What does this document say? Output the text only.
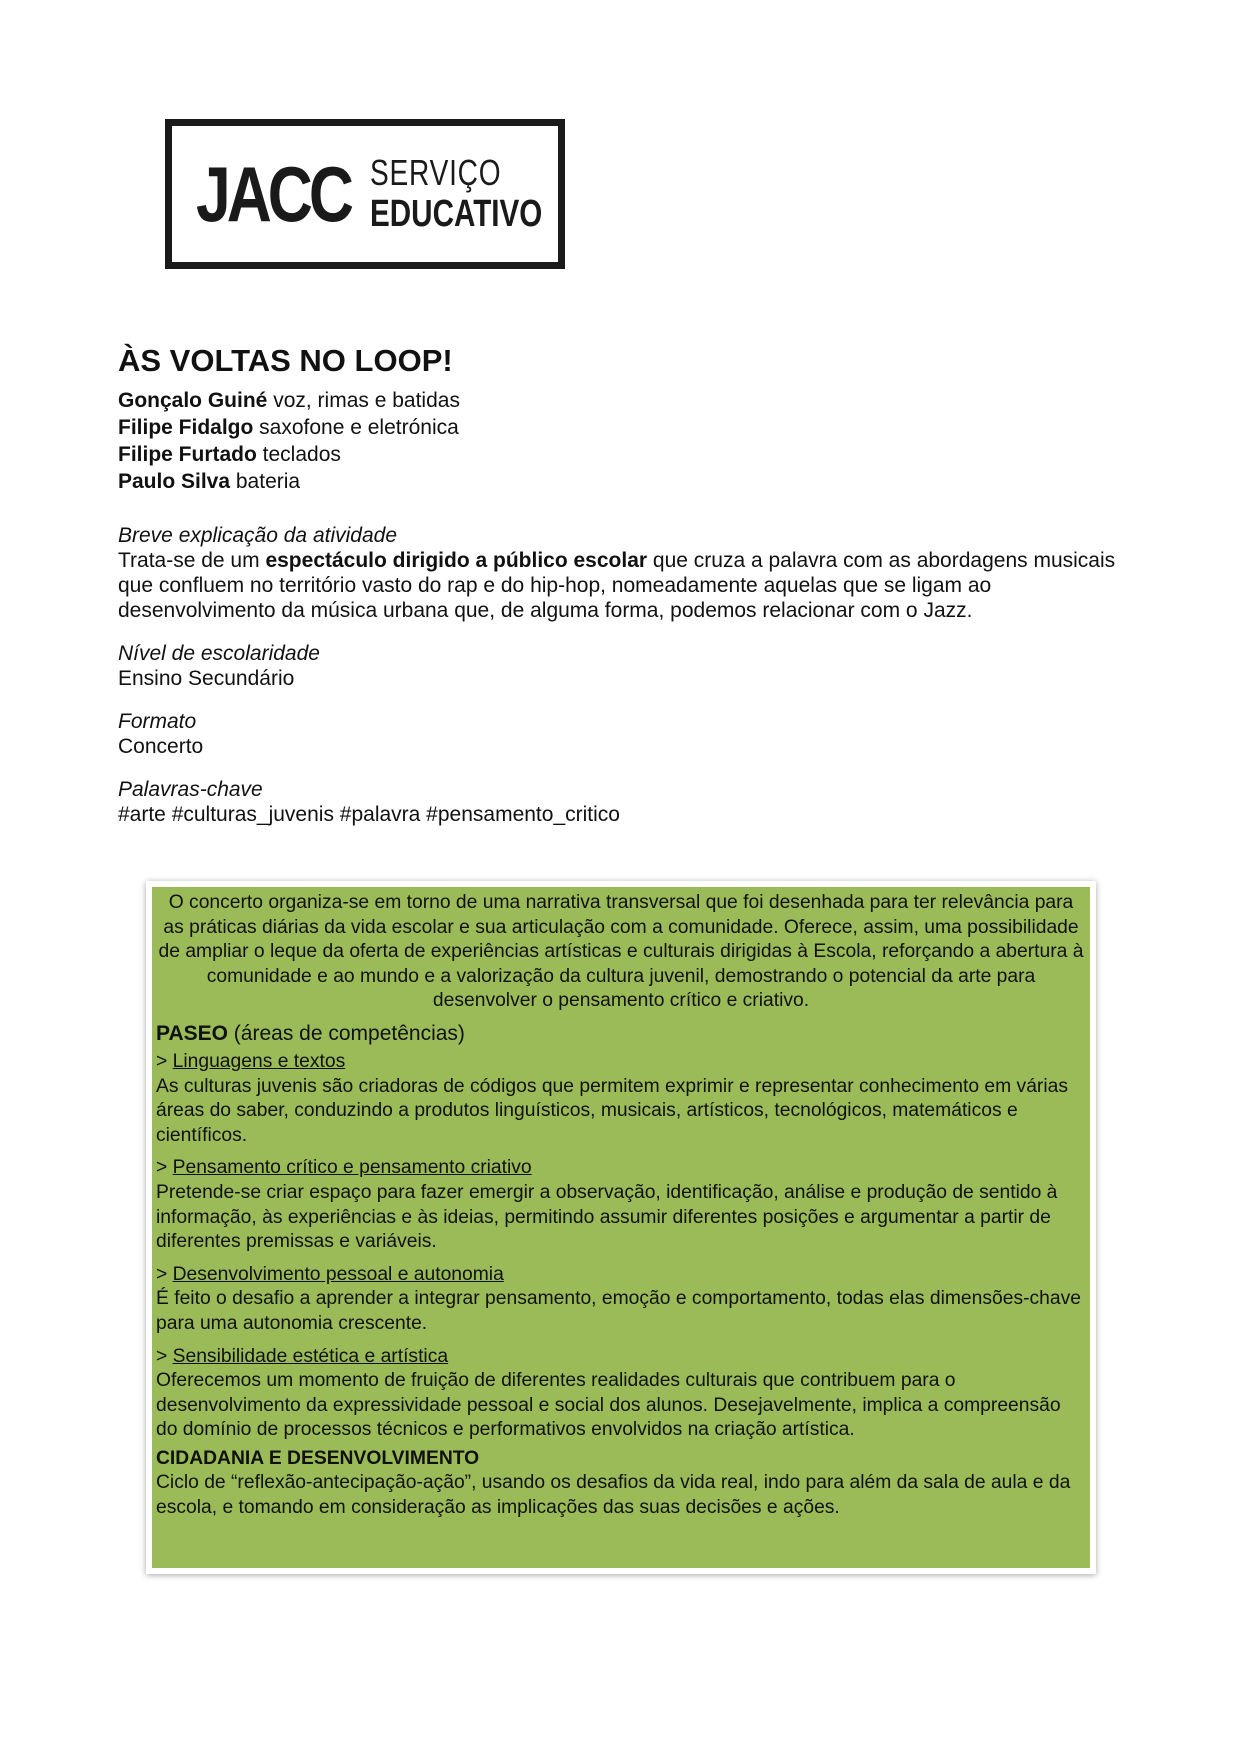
JACC SERVIÇO
EDUCATIVO
ÀS VOLTAS NO LOOP!
Gonçalo Guiné voz, rimas e batidas
Filipe Fidalgo saxofone e eletrónica
Filipe Furtado teclados
Paulo Silva bateria
Breve explicação da atividade
Trata-se de um espectáculo dirigido a público escolar que cruza a palavra com as abordagens musicais que confluem no território vasto do rap e do hip-hop, nomeadamente aquelas que se ligam ao desenvolvimento da música urbana que, de alguma forma, podemos relacionar com o Jazz.
Nível de escolaridade
Ensino Secundário
Formato
Concerto
Palavras-chave
#arte #culturas_juvenis #palavra #pensamento_critico
O concerto organiza-se em torno de uma narrativa transversal que foi desenhada para ter relevância para as práticas diárias da vida escolar e sua articulação com a comunidade. Oferece, assim, uma possibilidade de ampliar o leque da oferta de experiências artísticas e culturais dirigidas à Escola, reforçando a abertura à comunidade e ao mundo e a valorização da cultura juvenil, demostrando o potencial da arte para desenvolver o pensamento crítico e criativo.
PASEO (áreas de competências)
> Linguagens e textos
As culturas juvenis são criadoras de códigos que permitem exprimir e representar conhecimento em várias áreas do saber, conduzindo a produtos linguísticos, musicais, artísticos, tecnológicos, matemáticos e científicos.
> Pensamento crítico e pensamento criativo
Pretende-se criar espaço para fazer emergir a observação, identificação, análise e produção de sentido à informação, às experiências e às ideias, permitindo assumir diferentes posições e argumentar a partir de diferentes premissas e variáveis.
> Desenvolvimento pessoal e autonomia
É feito o desafio a aprender a integrar pensamento, emoção e comportamento, todas elas dimensões-chave para uma autonomia crescente.
> Sensibilidade estética e artística
Oferecemos um momento de fruição de diferentes realidades culturais que contribuem para o desenvolvimento da expressividade pessoal e social dos alunos. Desejavelmente, implica a compreensão do domínio de processos técnicos e performativos envolvidos na criação artística.
CIDADANIA E DESENVOLVIMENTO
Ciclo de “reflexão-antecipação-ação”, usando os desafios da vida real, indo para além da sala de aula e da escola, e tomando em consideração as implicações das suas decisões e ações.
